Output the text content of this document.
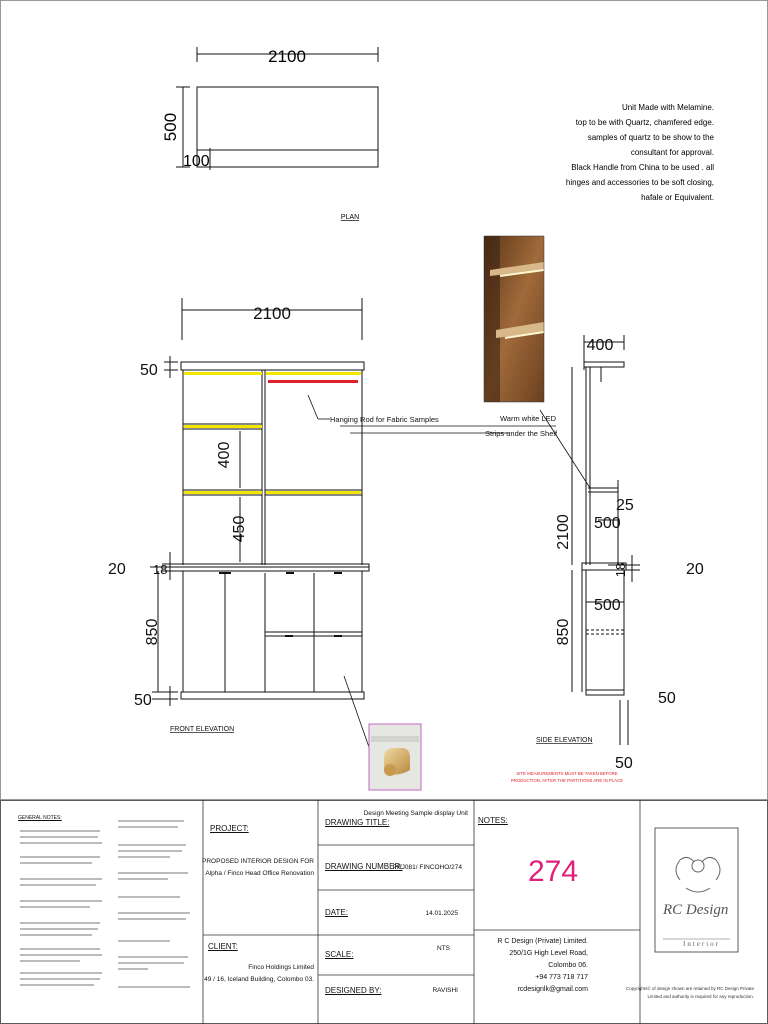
2100
500
100
PLAN
Unit Made with Melamine.
top to be with Quartz, chamfered edge.
samples of quartz to be show to the
consultant for approval.
Black Handle from China to be used . all
hinges and accessories to be soft closing,
hafale or Equivalent.
2100
50
400
450
20 18
850
50
FRONT ELEVATION
Hanging Rod for Fabric Samples	Warm white LED
Strips under the Shelf
400
2100
25
500
18	20
500
850
50
50
SIDE ELEVATION
SITE MEASUREMENTS MUST BE TAKEN BEFORE
PRODUCTION, AFTER THE PARTITIONS ARE IN PLACE
GENERAL NOTES:
PROJECT:
PROPOSED INTERIOR DESIGN FOR
Alpha / Finco Head Office Renovation
CLIENT:
Finco Holdings Limited
49 / 16, Iceland Building, Colombo 03.
DRAWING TITLE:
Design Meeting Sample display Unit
DRAWING NUMBER:
PRJ081/ FINCOHO/274
DATE:	14.01.2025
SCALE:
NTS
DESIGNED BY:	RAVISHI
NOTES:
274
R C Design (Private) Limited.
250/1G High Level Road,
Colombo 06.
+94 773 718 717
rcdesignlk@gmail.com
RC Design
Interior
Copyrights© of design shown are retained by RC Design Private
Limited and authority is required for any reproduction.
